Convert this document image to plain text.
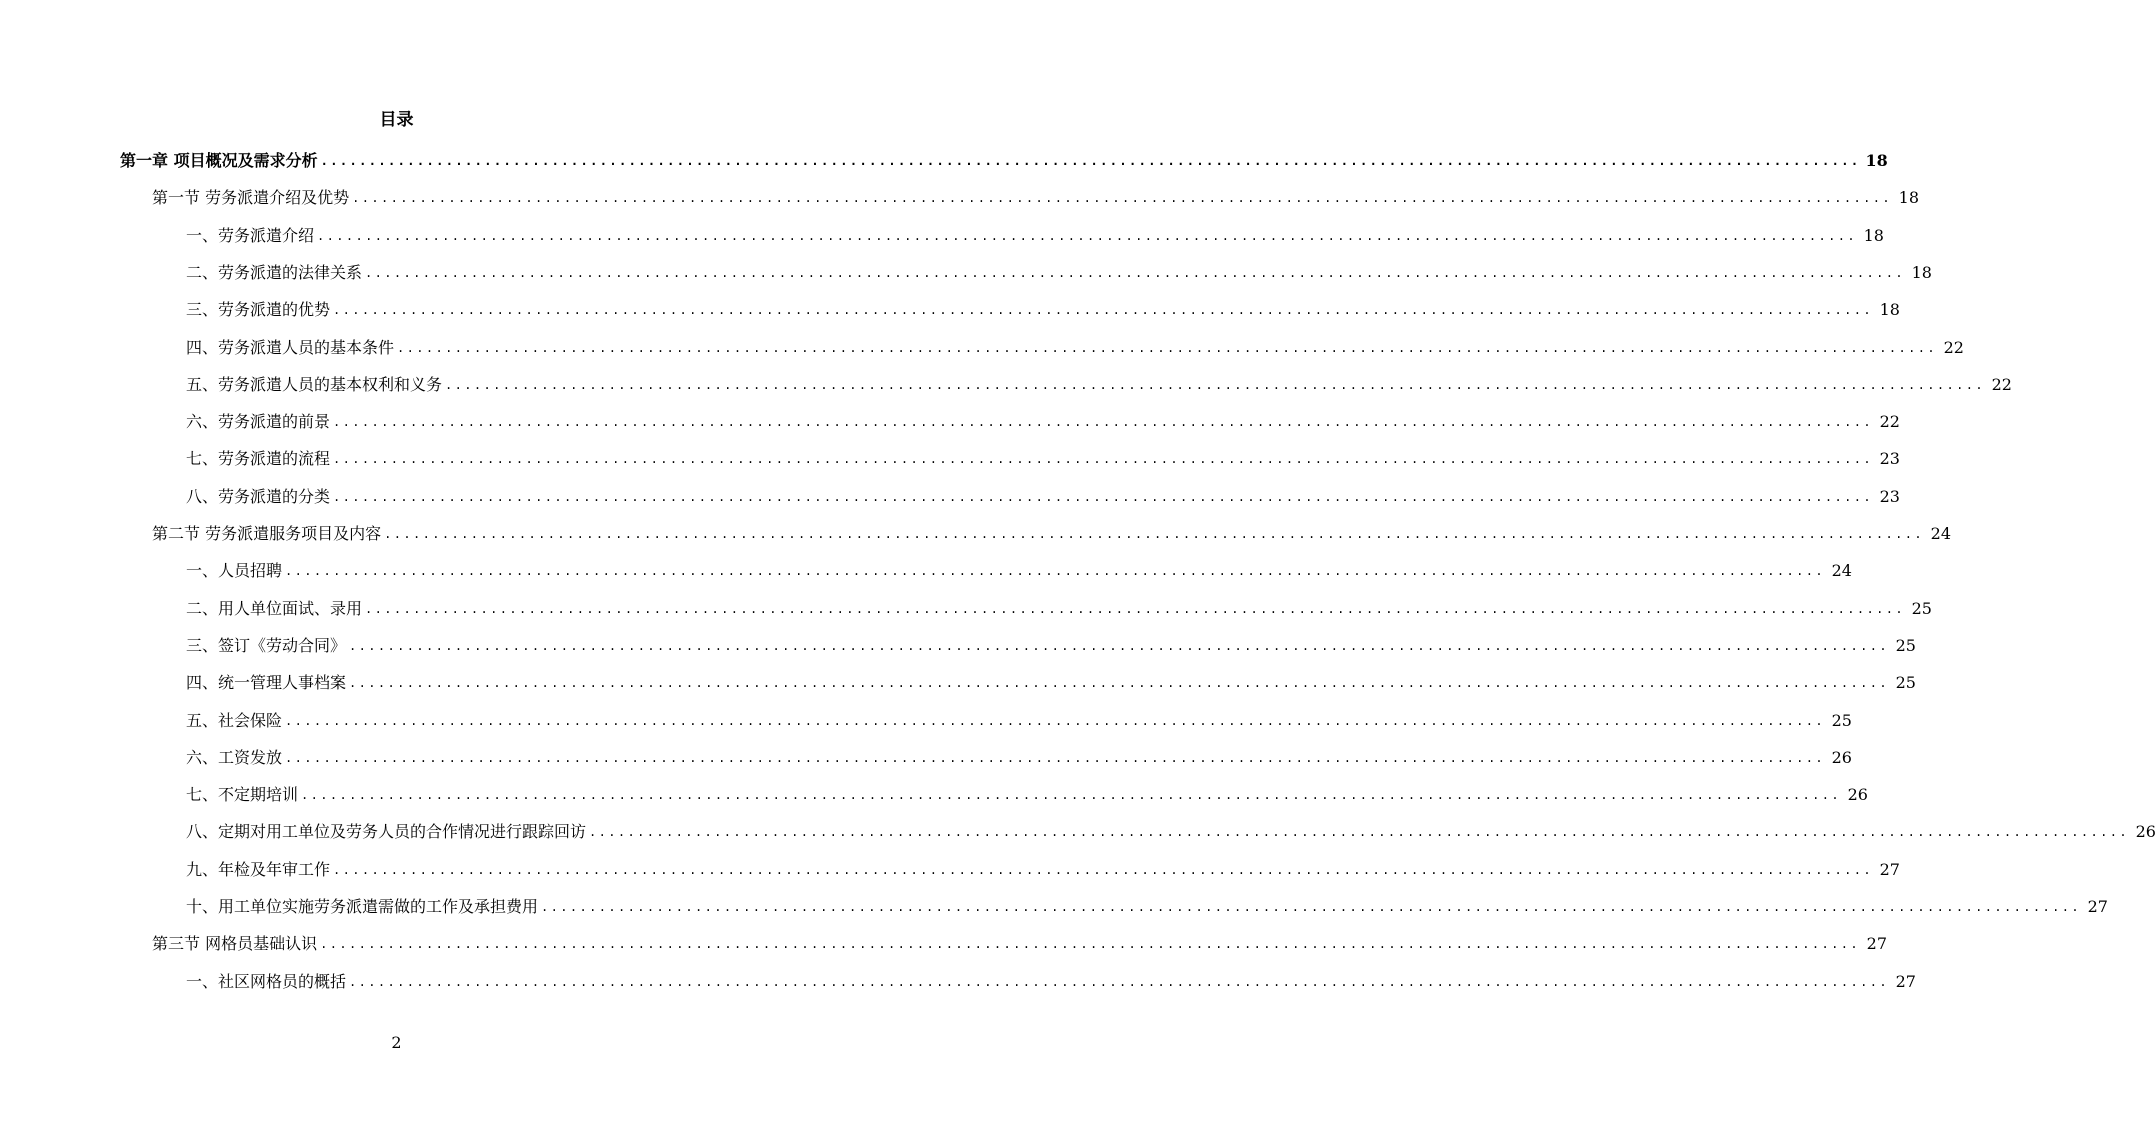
目录
第一章 项目概况及需求分析 ................................................................................................................................................................ 18
第一节 劳务派遣介绍及优势 ................................................................................................................................................................ 18
一、劳务派遣介绍 ................................................................................................................................................................ 18
二、劳务派遣的法律关系 ................................................................................................................................................................ 18
三、劳务派遣的优势 ................................................................................................................................................................ 18
四、劳务派遣人员的基本条件 ................................................................................................................................................................ 22
五、劳务派遣人员的基本权利和义务 ................................................................................................................................................................ 22
六、劳务派遣的前景 ................................................................................................................................................................ 22
七、劳务派遣的流程 ................................................................................................................................................................ 23
八、劳务派遣的分类 ................................................................................................................................................................ 23
第二节 劳务派遣服务项目及内容 ................................................................................................................................................................ 24
一、人员招聘 ................................................................................................................................................................ 24
二、用人单位面试、录用 ................................................................................................................................................................ 25
三、签订《劳动合同》 ................................................................................................................................................................ 25
四、统一管理人事档案 ................................................................................................................................................................ 25
五、社会保险 ................................................................................................................................................................ 25
六、工资发放 ................................................................................................................................................................ 26
七、不定期培训 ................................................................................................................................................................ 26
八、定期对用工单位及劳务人员的合作情况进行跟踪回访 ................................................................................................................................................................ 26
九、年检及年审工作 ................................................................................................................................................................ 27
十、用工单位实施劳务派遣需做的工作及承担费用 ................................................................................................................................................................ 27
第三节 网格员基础认识 ................................................................................................................................................................ 27
一、社区网格员的概括 ................................................................................................................................................................ 27
2
